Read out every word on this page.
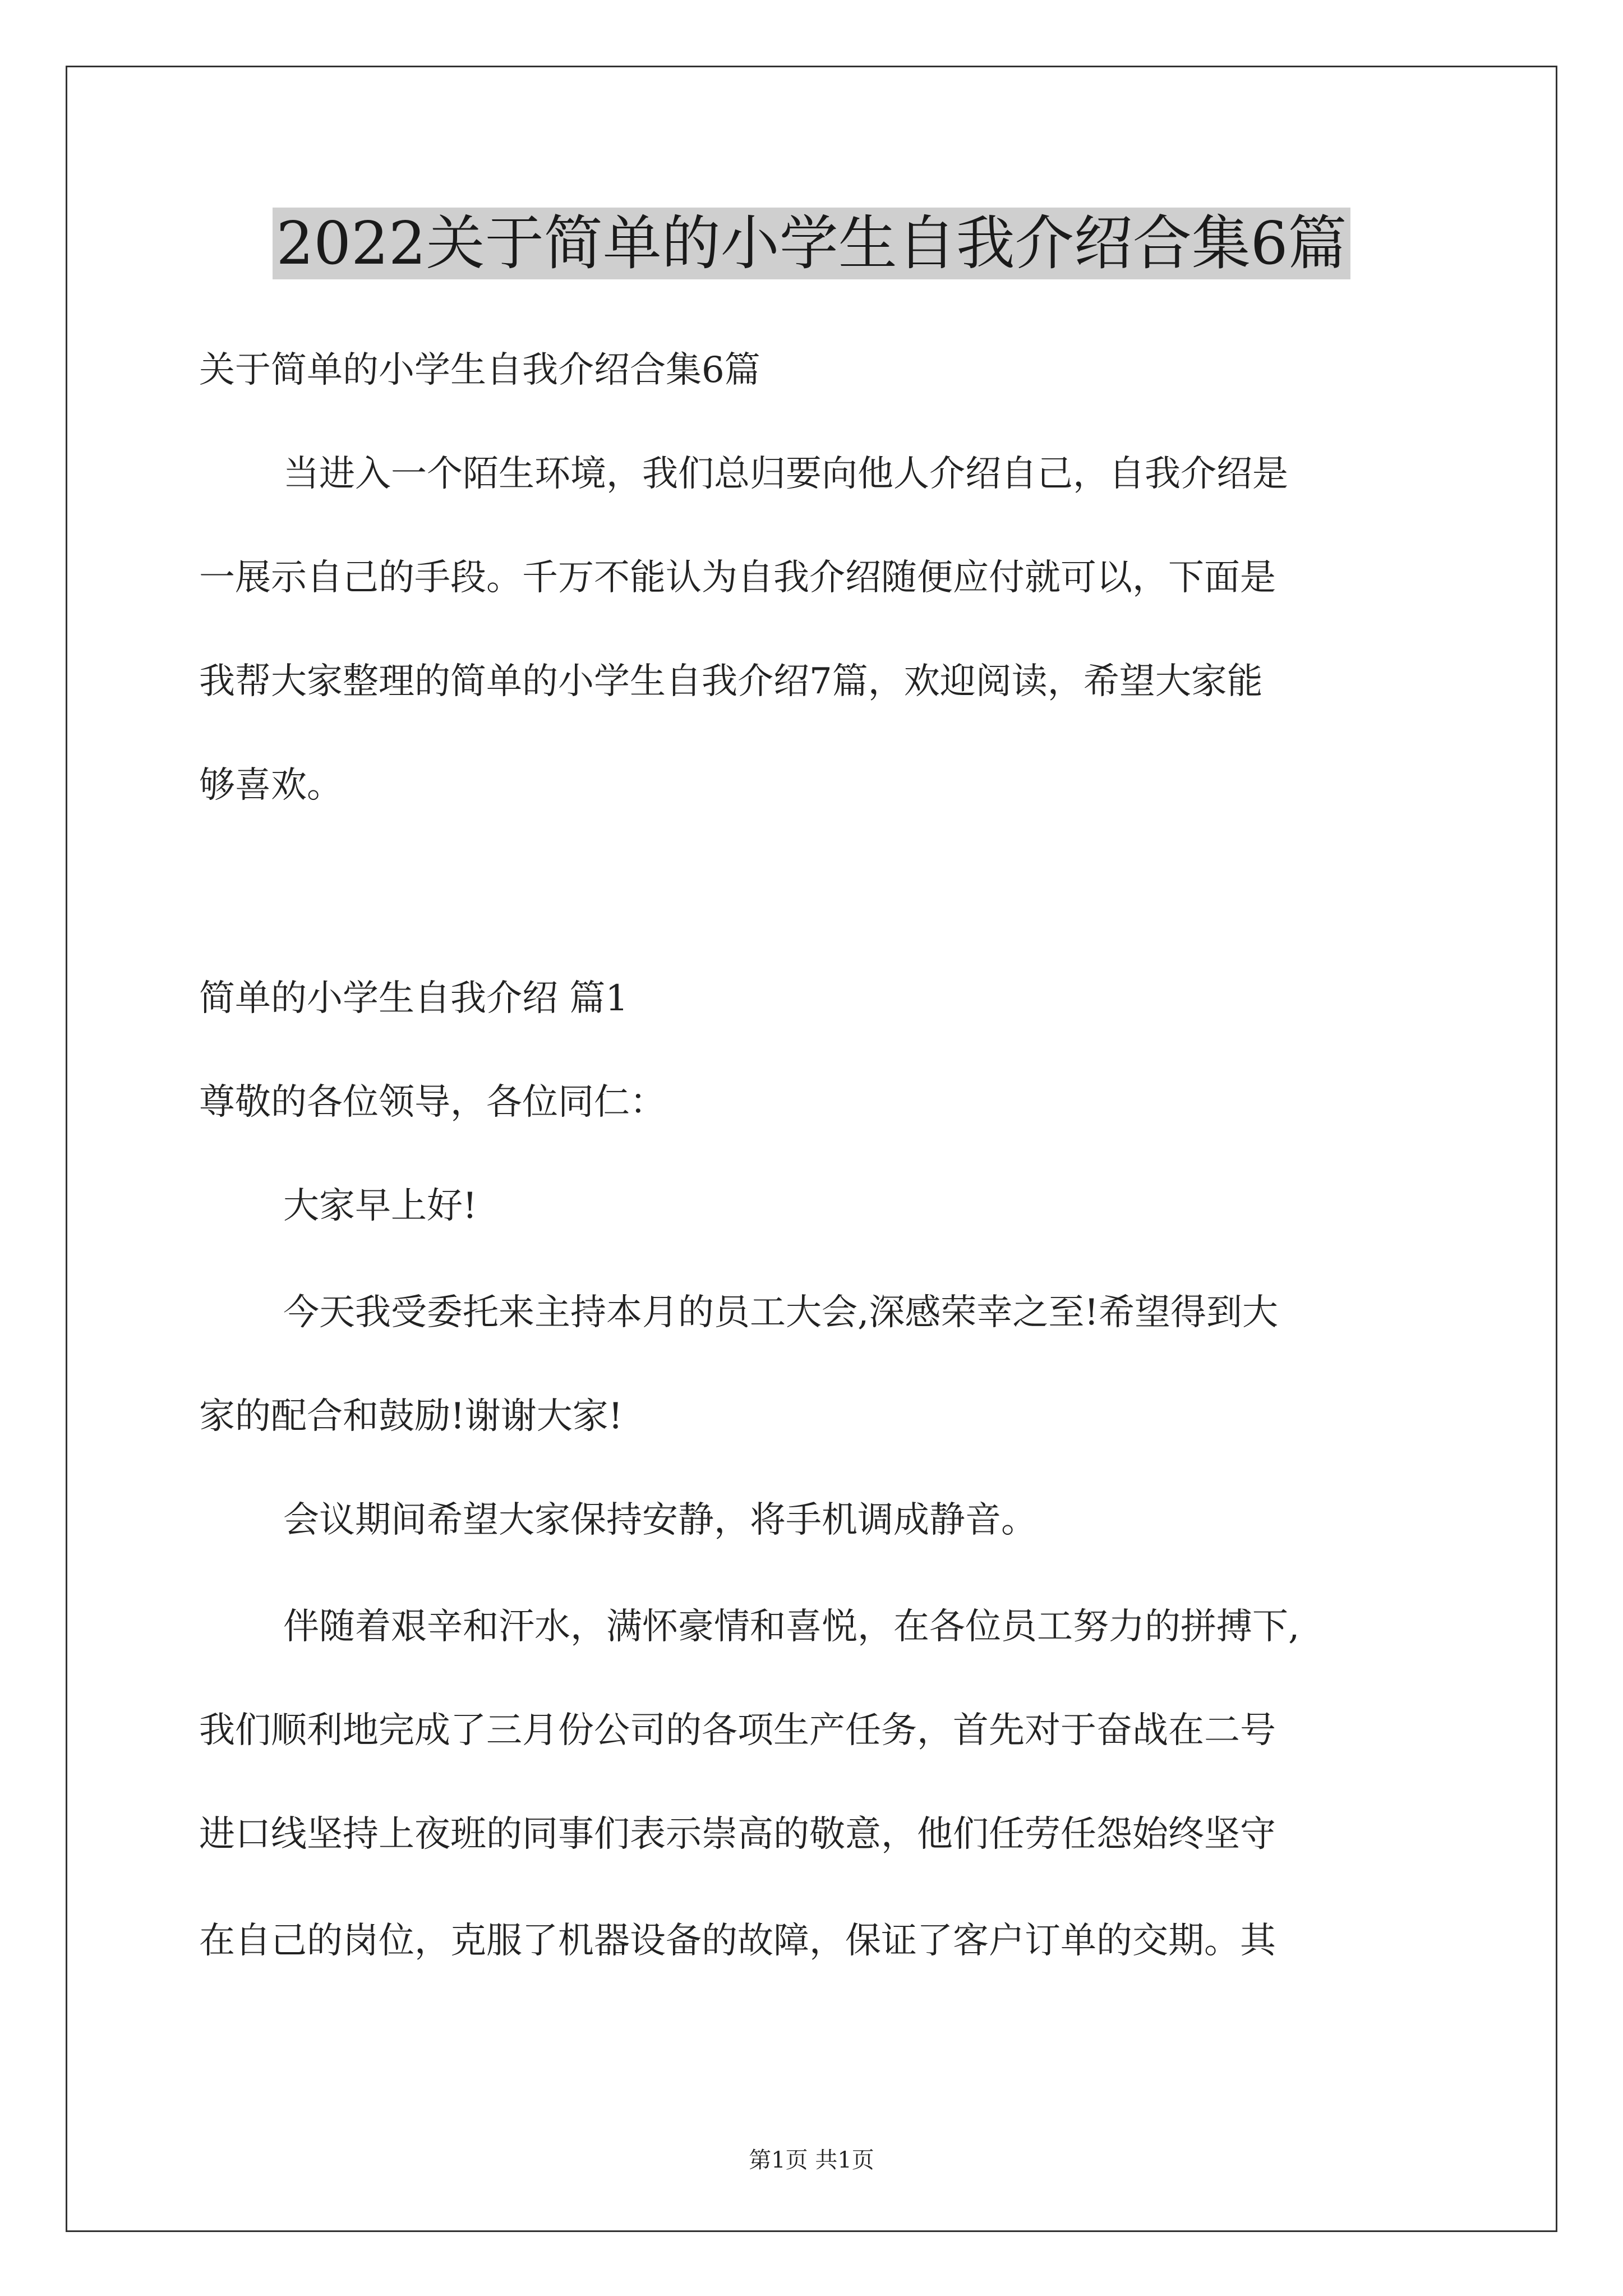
2022关于简单的小学生自我介绍合集6篇
关于简单的小学生自我介绍合集6篇
当进入一个陌生环境，我们总归要向他人介绍自己，自我介绍是
一展示自己的手段。千万不能认为自我介绍随便应付就可以，下面是
我帮大家整理的简单的小学生自我介绍7篇，欢迎阅读，希望大家能
够喜欢。
简单的小学生自我介绍 篇1
尊敬的各位领导，各位同仁：
大家早上好!
今天我受委托来主持本月的员工大会,深感荣幸之至!希望得到大
家的配合和鼓励!谢谢大家!
会议期间希望大家保持安静，将手机调成静音。
伴随着艰辛和汗水，满怀豪情和喜悦，在各位员工努力的拼搏下,
我们顺利地完成了三月份公司的各项生产任务，首先对于奋战在二号
进口线坚持上夜班的同事们表示崇高的敬意，他们任劳任怨始终坚守
在自己的岗位，克服了机器设备的故障，保证了客户订单的交期。其
第1页 共1页
